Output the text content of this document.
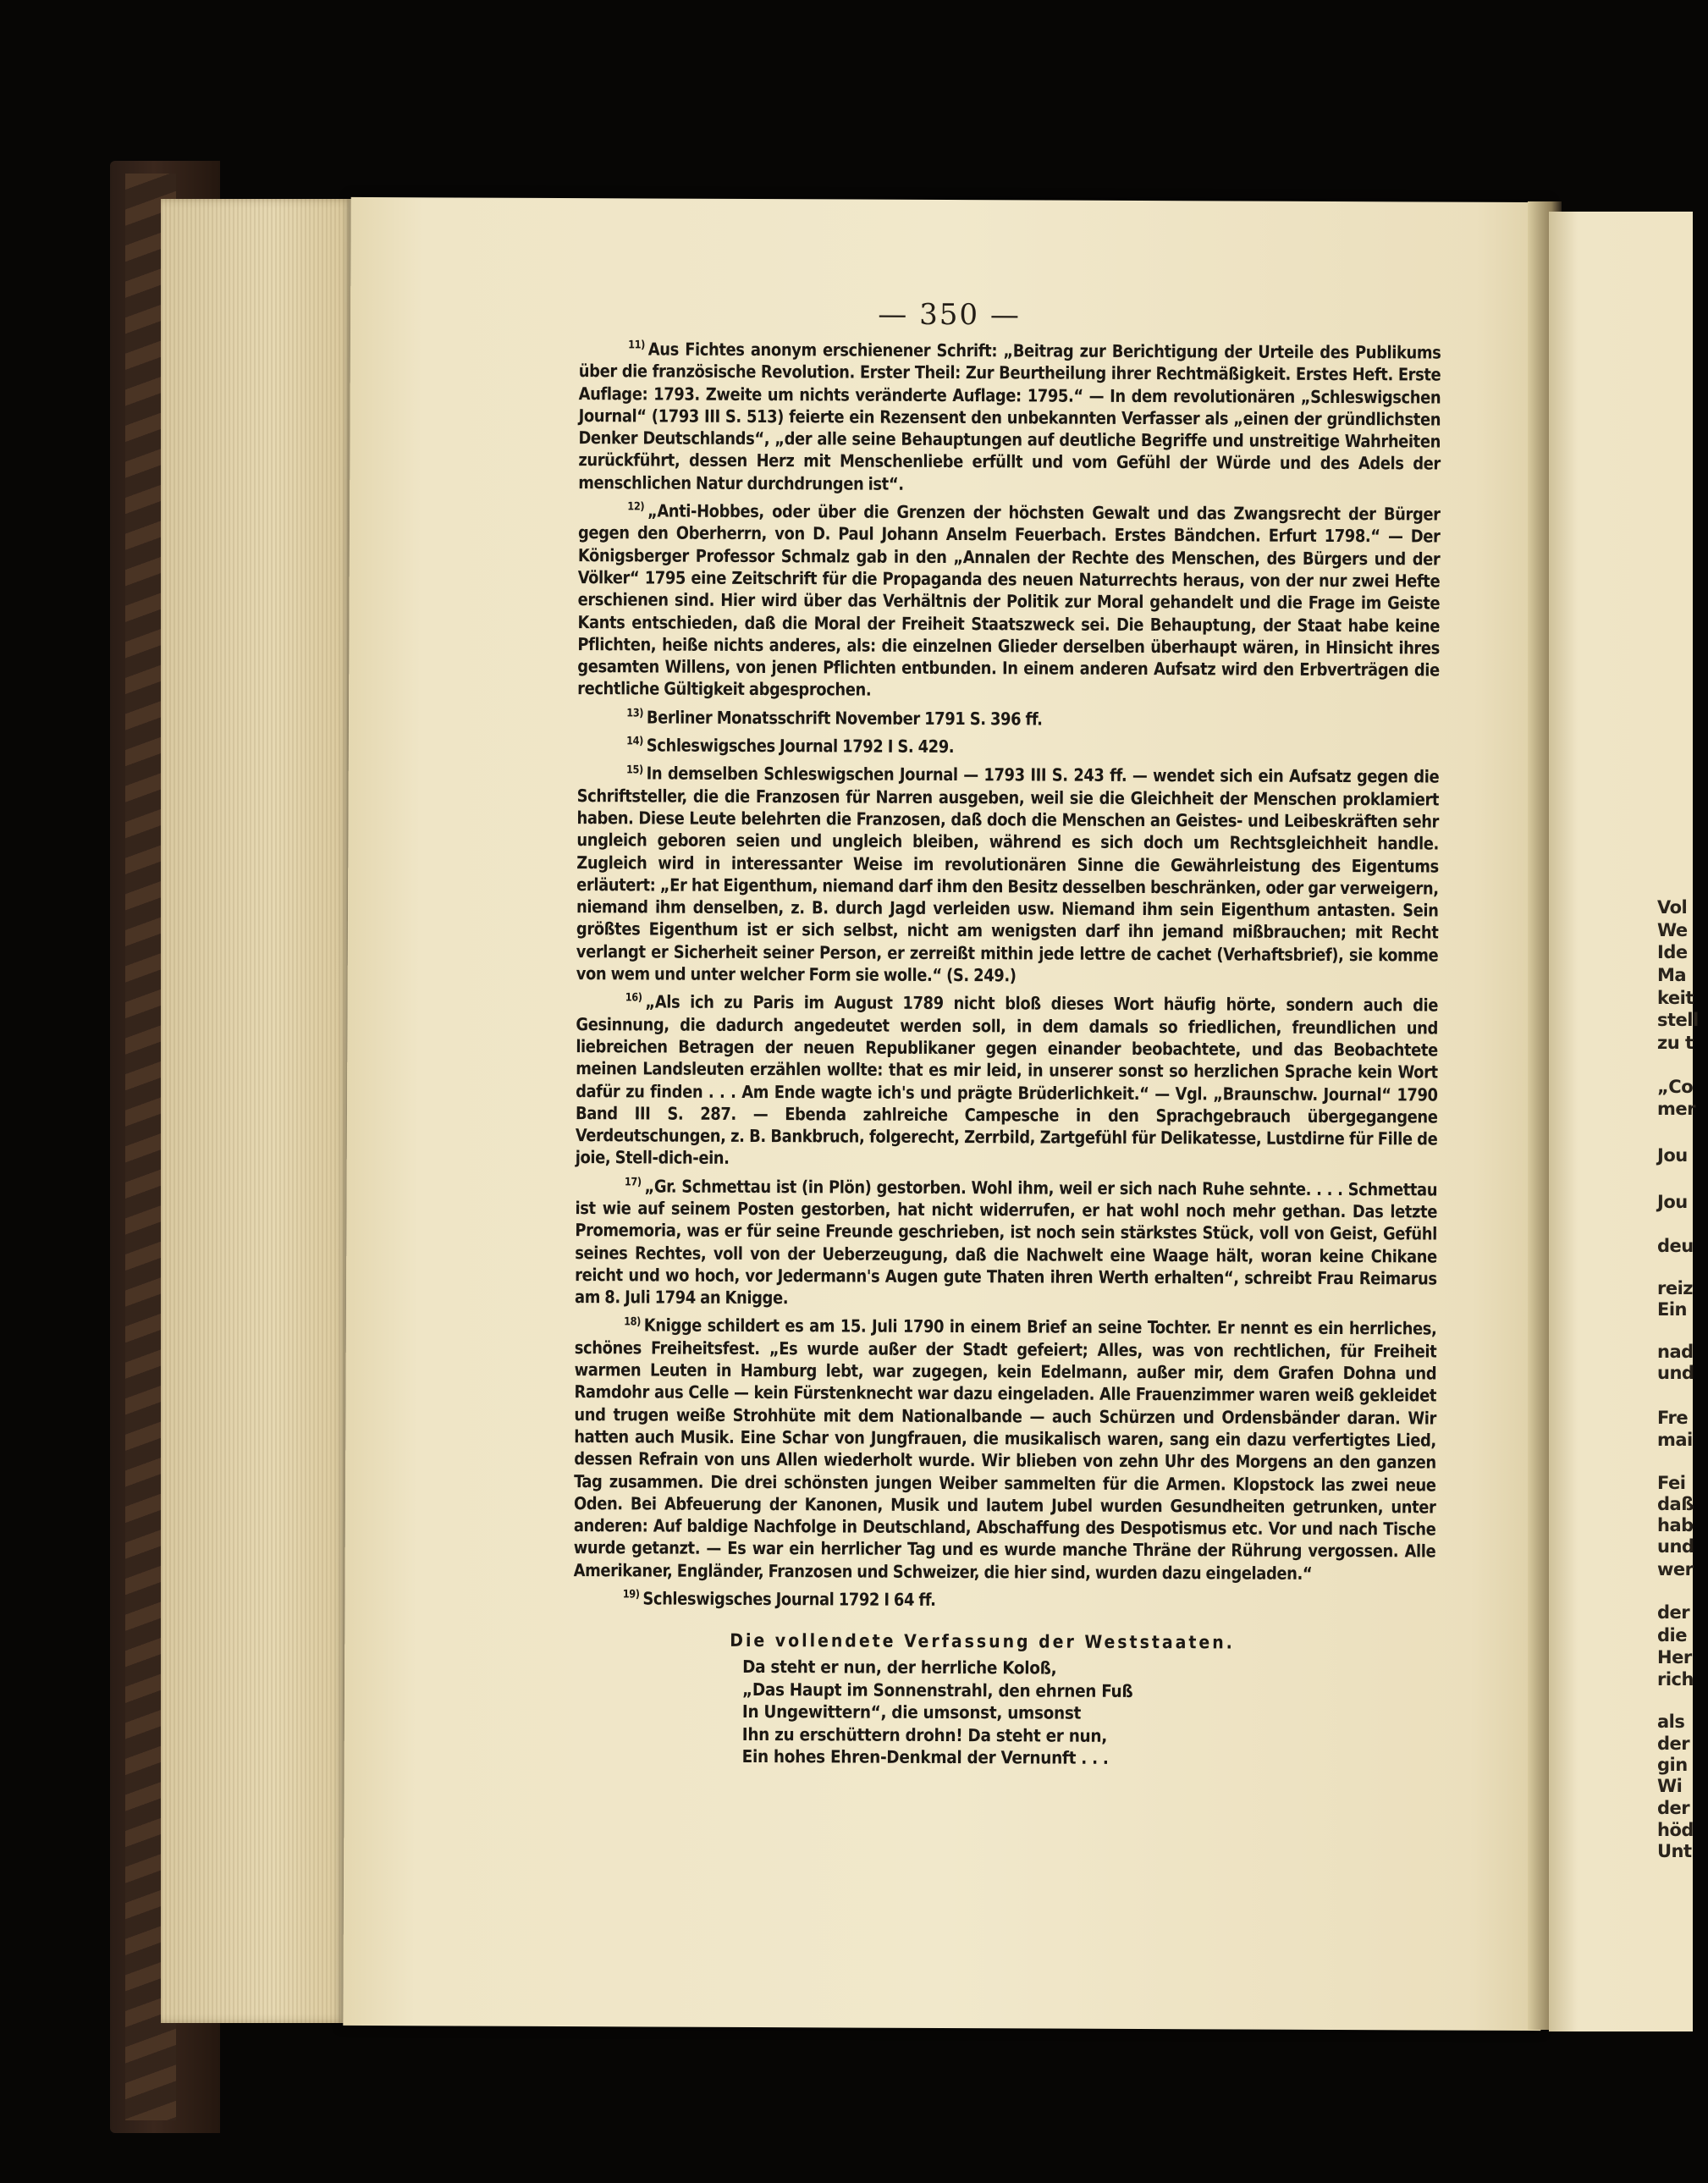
— 350 —

$^{11)}$ Aus Fichtes anonym erschienener Schrift: „Beitrag zur Berichtigung der Urteile des Publikums über die französische Revolution. Erster Theil: Zur Beurtheilung ihrer Rechtmäßigkeit. Erstes Heft. Erste Auflage: 1793. Zweite um nichts veränderte Auflage: 1795.“ — In dem revolutionären „Schleswigschen Journal“ (1793 III S. 513) feierte ein Rezensent den unbekannten Verfasser als „einen der gründlichsten Denker Deutschlands“, „der alle seine Behauptungen auf deutliche Begriffe und unstreitige Wahrheiten zurückführt, dessen Herz mit Menschenliebe erfüllt und vom Gefühl der Würde und des Adels der menschlichen Natur durchdrungen ist“.

$^{12)}$ „Anti-Hobbes, oder über die Grenzen der höchsten Gewalt und das Zwangsrecht der Bürger gegen den Oberherrn, von D. Paul Johann Anselm Feuerbach. Erstes Bändchen. Erfurt 1798.“ — Der Königsberger Professor Schmalz gab in den „Annalen der Rechte des Menschen, des Bürgers und der Völker“ 1795 eine Zeitschrift für die Propaganda des neuen Naturrechts heraus, von der nur zwei Hefte erschienen sind. Hier wird über das Verhältnis der Politik zur Moral gehandelt und die Frage im Geiste Kants entschieden, daß die Moral der Freiheit Staatszweck sei. Die Behauptung, der Staat habe keine Pflichten, heiße nichts anderes, als: die einzelnen Glieder derselben überhaupt wären, in Hinsicht ihres gesamten Willens, von jenen Pflichten entbunden. In einem anderen Aufsatz wird den Erbverträgen die rechtliche Gültigkeit abgesprochen.

$^{13)}$ Berliner Monatsschrift November 1791 S. 396 ff.

$^{14)}$ Schleswigsches Journal 1792 I S. 429.

$^{15)}$ In demselben Schleswigschen Journal — 1793 III S. 243 ff. — wendet sich ein Aufsatz gegen die Schriftsteller, die die Franzosen für Narren ausgeben, weil sie die Gleichheit der Menschen proklamiert haben. Diese Leute belehrten die Franzosen, daß doch die Menschen an Geistes- und Leibeskräften sehr ungleich geboren seien und ungleich bleiben, während es sich doch um Rechtsgleichheit handle. Zugleich wird in interessanter Weise im revolutionären Sinne die Gewährleistung des Eigentums erläutert: „Er hat Eigenthum, niemand darf ihm den Besitz desselben beschränken, oder gar verweigern, niemand ihm denselben, z. B. durch Jagd verleiden usw. Niemand ihm sein Eigenthum antasten. Sein größtes Eigenthum ist er sich selbst, nicht am wenigsten darf ihn jemand mißbrauchen; mit Recht verlangt er Sicherheit seiner Person, er zerreißt mithin jede lettre de cachet (Verhaftsbrief), sie komme von wem und unter welcher Form sie wolle.“ (S. 249.)

$^{16)}$ „Als ich zu Paris im August 1789 nicht bloß dieses Wort häufig hörte, sondern auch die Gesinnung, die dadurch angedeutet werden soll, in dem damals so friedlichen, freundlichen und liebreichen Betragen der neuen Republikaner gegen einander beobachtete, und das Beobachtete meinen Landsleuten erzählen wollte: that es mir leid, in unserer sonst so herzlichen Sprache kein Wort dafür zu finden . . . Am Ende wagte ich's und prägte Brüderlichkeit.“ — Vgl. „Braunschw. Journal“ 1790 Band III S. 287. — Ebenda zahlreiche Campesche in den Sprachgebrauch übergegangene Verdeutschungen, z. B. Bankbruch, folgerecht, Zerrbild, Zartgefühl für Delikatesse, Lustdirne für Fille de joie, Stell-dich-ein.

$^{17)}$ „Gr. Schmettau ist (in Plön) gestorben. Wohl ihm, weil er sich nach Ruhe sehnte. . . . Schmettau ist wie auf seinem Posten gestorben, hat nicht widerrufen, er hat wohl noch mehr gethan. Das letzte Promemoria, was er für seine Freunde geschrieben, ist noch sein stärkstes Stück, voll von Geist, Gefühl seines Rechtes, voll von der Ueberzeugung, daß die Nachwelt eine Waage hält, woran keine Chikane reicht und wo hoch, vor Jedermann's Augen gute Thaten ihren Werth erhalten“, schreibt Frau Reimarus am 8. Juli 1794 an Knigge.

$^{18)}$ Knigge schildert es am 15. Juli 1790 in einem Brief an seine Tochter. Er nennt es ein herrliches, schönes Freiheitsfest. „Es wurde außer der Stadt gefeiert; Alles, was von rechtlichen, für Freiheit warmen Leuten in Hamburg lebt, war zugegen, kein Edelmann, außer mir, dem Grafen Dohna und Ramdohr aus Celle — kein Fürstenknecht war dazu eingeladen. Alle Frauenzimmer waren weiß gekleidet und trugen weiße Strohhüte mit dem Nationalbande — auch Schürzen und Ordensbänder daran. Wir hatten auch Musik. Eine Schar von Jungfrauen, die musikalisch waren, sang ein dazu verfertigtes Lied, dessen Refrain von uns Allen wiederholt wurde. Wir blieben von zehn Uhr des Morgens an den ganzen Tag zusammen. Die drei schönsten jungen Weiber sammelten für die Armen. Klopstock las zwei neue Oden. Bei Abfeuerung der Kanonen, Musik und lautem Jubel wurden Gesundheiten getrunken, unter anderen: Auf baldige Nachfolge in Deutschland, Abschaffung des Despotismus etc. Vor und nach Tische wurde getanzt. — Es war ein herrlicher Tag und es wurde manche Thräne der Rührung vergossen. Alle Amerikaner, Engländer, Franzosen und Schweizer, die hier sind, wurden dazu eingeladen.“

$^{19)}$ Schleswigsches Journal 1792 I 64 ff.

Die vollendete Verfassung der Weststaaten.
Da steht er nun, der herrliche Koloß,
„Das Haupt im Sonnenstrahl, den ehrnen Fuß
In Ungewittern“, die umsonst, umsonst
Ihn zu erschüttern drohn! Da steht er nun,
Ein hohes Ehren-Denkmal der Vernunft . . .
Vol
We
Ide
Ma
keit
stell
zu t
„Co
mer
Jou
Jou
deu
reiz
Ein
nad
und
Fre
mai
Fei
daß
hab
und
wer
der
die
Her
rich
als
der
gin
Wi
der
höd
Unt
